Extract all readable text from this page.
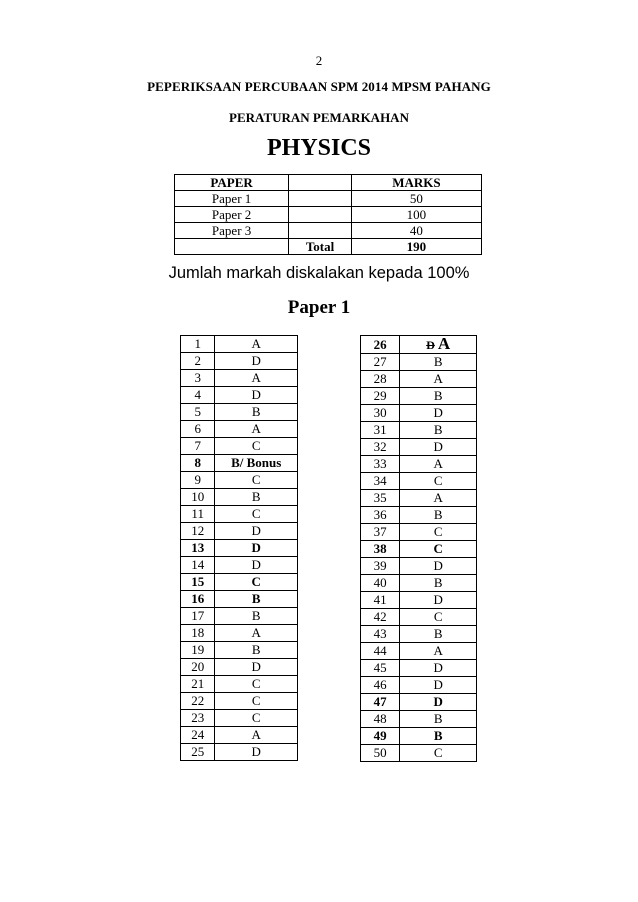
2
PEPERIKSAAN PERCUBAAN SPM 2014 MPSM PAHANG
PERATURAN PEMARKAHAN
PHYSICS
PAPER		MARKS
Paper 1		50
Paper 2		100
Paper 3		40
	Total	190
Jumlah markah diskalakan kepada 100%
Paper 1
1	A
2	D
3	A
4	D
5	B
6	A
7	C
8	B/ Bonus
9	C
10	B
11	C
12	D
13	D
14	D
15	C
16	B
17	B
18	A
19	B
20	D
21	C
22	C
23	C
24	A
25	D
26	D A
27	B
28	A
29	B
30	D
31	B
32	D
33	A
34	C
35	A
36	B
37	C
38	C
39	D
40	B
41	D
42	C
43	B
44	A
45	D
46	D
47	D
48	B
49	B
50	C
